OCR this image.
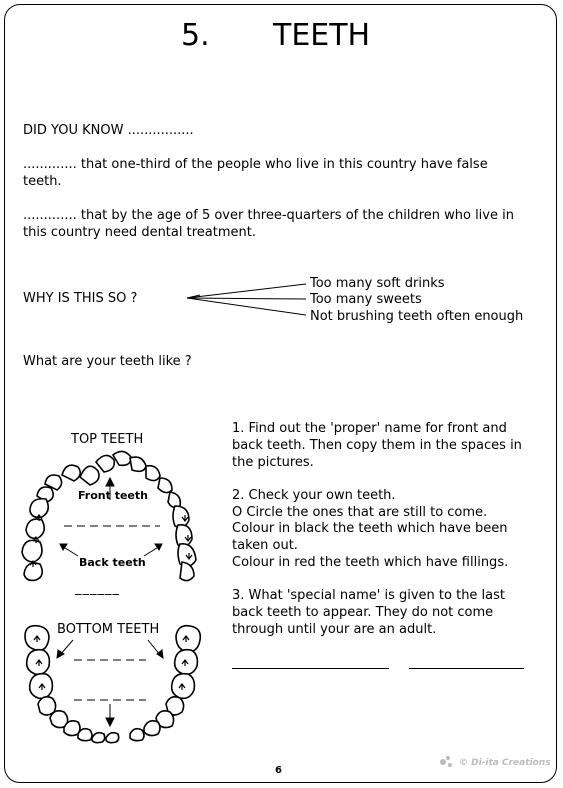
5. TEETH
DID YOU KNOW ................
............. that one-third of the people who live in this country have false teeth.
............. that by the age of 5 over three-quarters of the children who live in this country need dental treatment.
WHY IS THIS SO ?
Too many soft drinks
Too many sweets
Not brushing teeth often enough
What are your teeth like ?
1. Find out the 'proper' name for front and back teeth. Then copy them in the spaces in the pictures.
2. Check your own teeth.
O Circle the ones that are still to come.
Colour in black the teeth which have been taken out.
Colour in red the teeth which have fillings.
3. What 'special name' is given to the last back teeth to appear. They do not come through until your are an adult.
TOP TEETH
BOTTOM TEETH
Front teeth
Back teeth
______
6
© Di-ita Creations
